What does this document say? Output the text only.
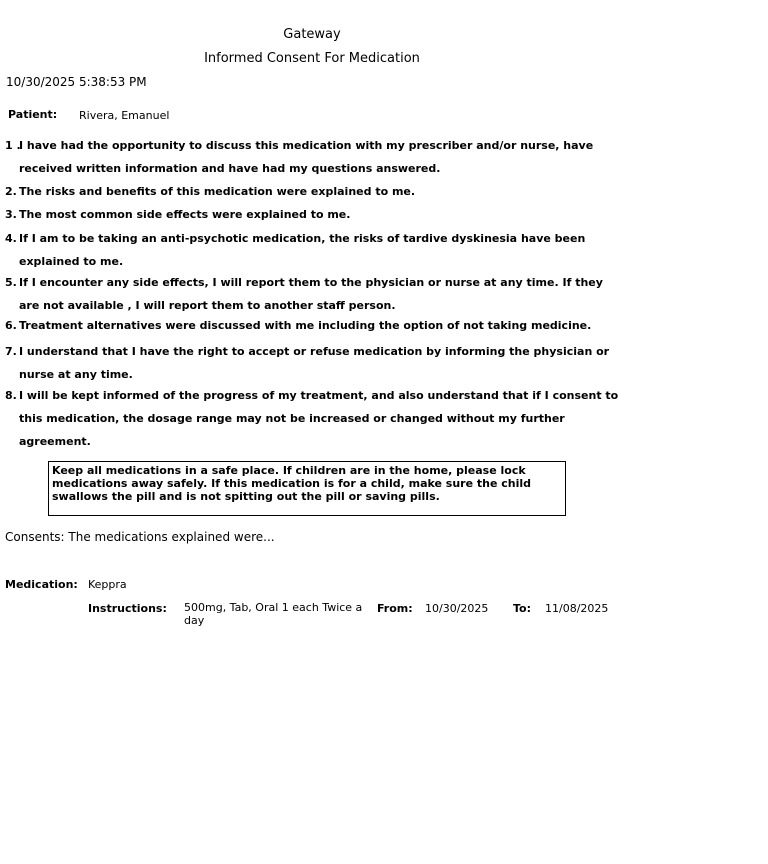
Gateway
Informed Consent For Medication
10/30/2025 5:38:53 PM
Patient: Rivera, Emanuel
1 .
I have had the opportunity to discuss this medication with my prescriber and/or nurse, have received written information and have had my questions answered.
2. The risks and benefits of this medication were explained to me.
3. The most common side effects were explained to me.
4. If I am to be taking an anti-psychotic medication, the risks of tardive dyskinesia have been explained to me.
5. If I encounter any side effects, I will report them to the physician or nurse at any time. If they are not available , I will report them to another staff person.
6. Treatment alternatives were discussed with me including the option of not taking medicine.
7. I understand that I have the right to accept or refuse medication by informing the physician or nurse at any time.
8. I will be kept informed of the progress of my treatment, and also understand that if I consent to this medication, the dosage range may not be increased or changed without my further agreement.
Keep all medications in a safe place. If children are in the home, please lock medications away safely. If this medication is for a child, make sure the child swallows the pill and is not spitting out the pill or saving pills.
Consents: The medications explained were...
Medication: Keppra
Instructions: 500mg, Tab, Oral 1 each Twice a day
From: 10/30/2025 To: 11/08/2025
